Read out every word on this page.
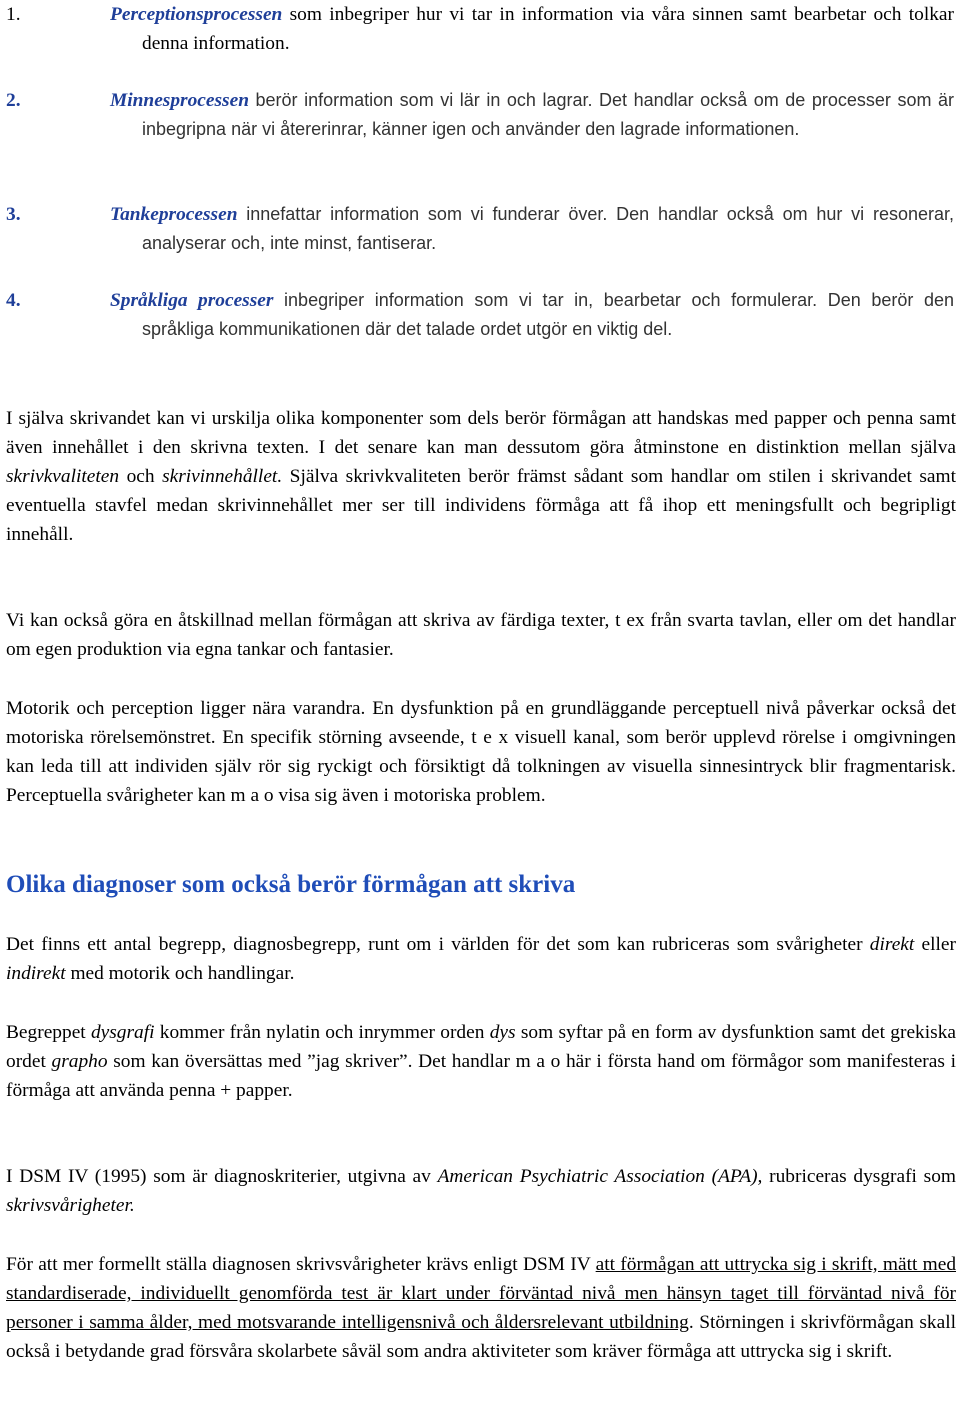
1.	Perceptionsprocessen som inbegriper hur vi tar in information via våra sinnen samt bearbetar och tolkar denna information.
2.	Minnesprocessen berör information som vi lär in och lagrar. Det handlar också om de processer som är inbegripna när vi återerinrar, känner igen och använder den lagrade informationen.
3.	Tankeprocessen innefattar information som vi funderar över. Den handlar också om hur vi resonerar, analyserar och, inte minst, fantiserar.
4.	Språkliga processer inbegriper information som vi tar in, bearbetar och formulerar. Den berör den språkliga kommunikationen där det talade ordet utgör en viktig del.

I själva skrivandet kan vi urskilja olika komponenter som dels berör förmågan att handskas med papper och penna samt även innehållet i den skrivna texten. I det senare kan man dessutom göra åtminstone en distinktion mellan själva skrivkvaliteten och skrivinnehållet. Själva skrivkvaliteten berör främst sådant som handlar om stilen i skrivandet samt eventuella stavfel medan skrivinnehållet mer ser till individens förmåga att få ihop ett meningsfullt och begripligt innehåll.

Vi kan också göra en åtskillnad mellan förmågan att skriva av färdiga texter, t ex från svarta tavlan, eller om det handlar om egen produktion via egna tankar och fantasier.

Motorik och perception ligger nära varandra. En dysfunktion på en grundläggande perceptuell nivå påverkar också det motoriska rörelsemönstret. En specifik störning avseende, t e x visuell kanal, som berör upplevd rörelse i omgivningen kan leda till att individen själv rör sig ryckigt och försiktigt då tolkningen av visuella sinnesintryck blir fragmentarisk. Perceptuella svårigheter kan m a o visa sig även i motoriska problem.

Olika diagnoser som också berör förmågan att skriva

Det finns ett antal begrepp, diagnosbegrepp, runt om i världen för det som kan rubriceras som svårigheter direkt eller indirekt med motorik och handlingar.

Begreppet dysgrafi kommer från nylatin och inrymmer orden dys som syftar på en form av dysfunktion samt det grekiska ordet grapho som kan översättas med ”jag skriver”. Det handlar m a o här i första hand om förmågor som manifesteras i förmåga att använda penna + papper.

I DSM IV (1995) som är diagnoskriterier, utgivna av American Psychiatric Association (APA), rubriceras dysgrafi som skrivsvårigheter.

För att mer formellt ställa diagnosen skrivsvårigheter krävs enligt DSM IV att förmågan att uttrycka sig i skrift, mätt med standardiserade, individuellt genomförda test är klart under förväntad nivå men hänsyn taget till förväntad nivå för personer i samma ålder, med motsvarande intelligensnivå och åldersrelevant utbildning. Störningen i skrivförmågan skall också i betydande grad försvåra skolarbete såväl som andra aktiviteter som kräver förmåga att uttrycka sig i skrift.
